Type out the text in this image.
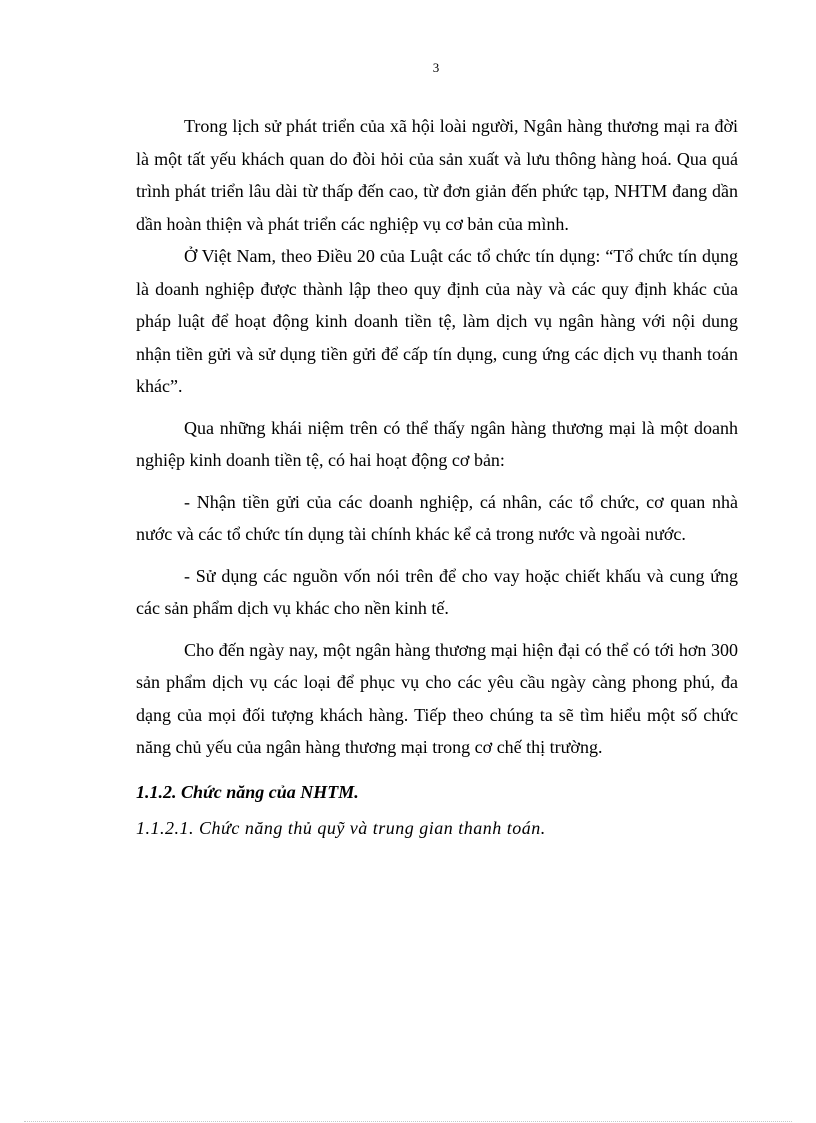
3

Trong lịch sử phát triển của xã hội loài người, Ngân hàng thương mại ra đời là một tất yếu khách quan do đòi hỏi của sản xuất và lưu thông hàng hoá. Qua quá trình phát triển lâu dài từ thấp đến cao, từ đơn giản đến phức tạp, NHTM đang dần dần hoàn thiện và phát triển các nghiệp vụ cơ bản của mình.

Ở Việt Nam, theo Điều 20 của Luật các tổ chức tín dụng: “Tổ chức tín dụng là doanh nghiệp được thành lập theo quy định của này và các quy định khác của pháp luật để hoạt động kinh doanh tiền tệ, làm dịch vụ ngân hàng với nội dung nhận tiền gửi và sử dụng tiền gửi để cấp tín dụng, cung ứng các dịch vụ thanh toán khác”.

Qua những khái niệm trên có thể thấy ngân hàng thương mại là một doanh nghiệp kinh doanh tiền tệ, có hai hoạt động cơ bản:

- Nhận tiền gửi của các doanh nghiệp, cá nhân, các tổ chức, cơ quan nhà nước và các tổ chức tín dụng tài chính khác kể cả trong nước và ngoài nước.

- Sử dụng các nguồn vốn nói trên để cho vay hoặc chiết khấu và cung ứng các sản phẩm dịch vụ khác cho nền kinh tế.

Cho đến ngày nay, một ngân hàng thương mại hiện đại có thể có tới hơn 300 sản phẩm dịch vụ các loại để phục vụ cho các yêu cầu ngày càng phong phú, đa dạng của mọi đối tượng khách hàng. Tiếp theo chúng ta sẽ tìm hiểu một số chức năng chủ yếu của ngân hàng thương mại trong cơ chế thị trường.

1.1.2. Chức năng của NHTM.

1.1.2.1. Chức năng thủ quỹ và trung gian thanh toán.
